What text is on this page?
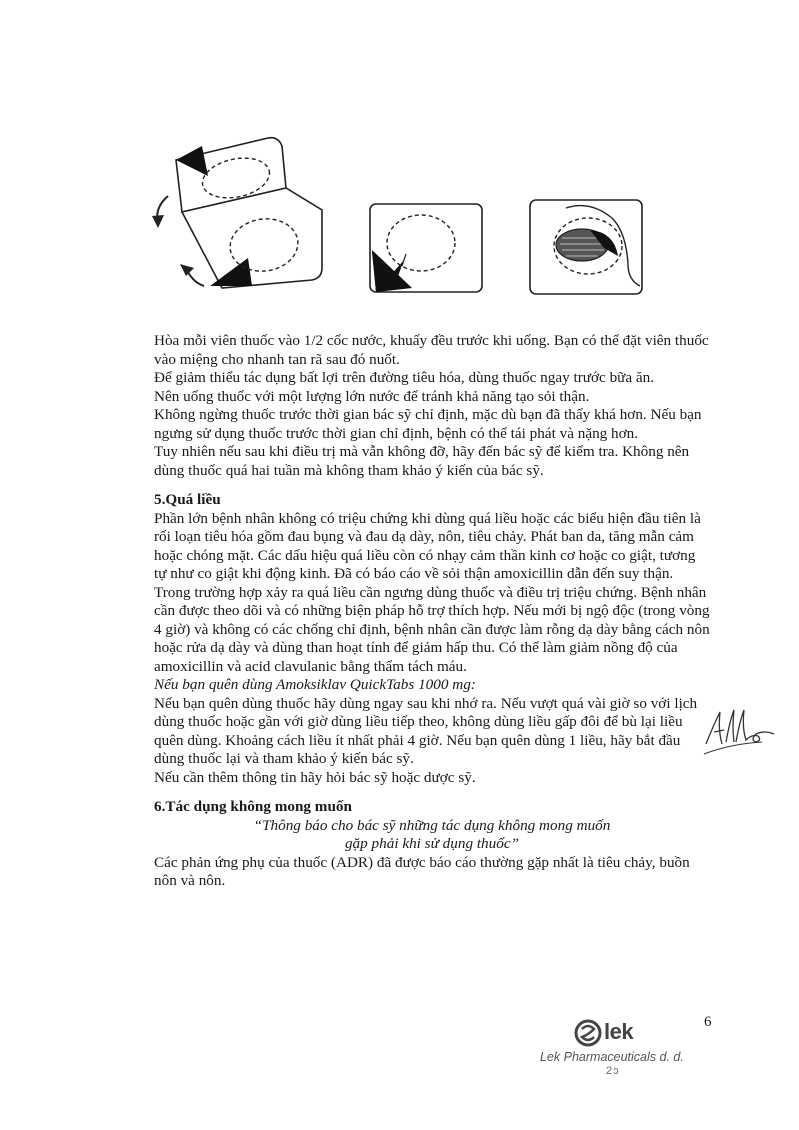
Hòa mỗi viên thuốc vào 1/2 cốc nước, khuấy đều trước khi uống. Bạn có thể đặt viên thuốc vào miệng cho nhanh tan rã sau đó nuốt.

Để giảm thiểu tác dụng bất lợi trên đường tiêu hóa, dùng thuốc ngay trước bữa ăn.

Nên uống thuốc với một lượng lớn nước để tránh khả năng tạo sỏi thận.

Không ngừng thuốc trước thời gian bác sỹ chỉ định, mặc dù bạn đã thấy khá hơn. Nếu bạn ngưng sử dụng thuốc trước thời gian chỉ định, bệnh có thể tái phát và nặng hơn.

Tuy nhiên nếu sau khi điều trị mà vẫn không đỡ, hãy đến bác sỹ để kiểm tra. Không nên dùng thuốc quá hai tuần mà không tham khảo ý kiến của bác sỹ.

5.Quá liều

Phần lớn bệnh nhân không có triệu chứng khi dùng quá liều hoặc các biểu hiện đầu tiên là rối loạn tiêu hóa gồm đau bụng và đau dạ dày, nôn, tiêu chảy. Phát ban da, tăng mẫn cảm hoặc chóng mặt. Các dấu hiệu quá liều còn có nhạy cảm thần kinh cơ hoặc co giật, tương tự như co giật khi động kinh. Đã có báo cáo về sỏi thận amoxicillin dẫn đến suy thận.

Trong trường hợp xảy ra quá liều cần ngưng dùng thuốc và điều trị triệu chứng. Bệnh nhân cần được theo dõi và có những biện pháp hỗ trợ thích hợp. Nếu mới bị ngộ độc (trong vòng 4 giờ) và không có các chống chỉ định, bệnh nhân cần được làm rỗng dạ dày bằng cách nôn hoặc rửa dạ dày và dùng than hoạt tính để giảm hấp thu. Có thể làm giảm nồng độ của amoxicillin và acid clavulanic bằng thẩm tách máu.

Nếu bạn quên dùng Amoksiklav QuickTabs 1000 mg:

Nếu bạn quên dùng thuốc hãy dùng ngay sau khi nhớ ra. Nếu vượt quá vài giờ so với lịch dùng thuốc hoặc gần với giờ dùng liều tiếp theo, không dùng liều gấp đôi để bù lại liều quên dùng. Khoảng cách liều ít nhất phải 4 giờ. Nếu bạn quên dùng 1 liều, hãy bắt đầu dùng thuốc lại và tham khảo ý kiến bác sỹ.

Nếu cần thêm thông tin hãy hỏi bác sỹ hoặc dược sỹ.

6.Tác dụng không mong muốn

“Thông báo cho bác sỹ những tác dụng không mong muốn

gặp phải khi sử dụng thuốc”

Các phản ứng phụ của thuốc (ADR) đã được báo cáo thường gặp nhất là tiêu chảy, buồn nôn và nôn.

6
lek
Lek Pharmaceuticals d. d.
2ɔ
